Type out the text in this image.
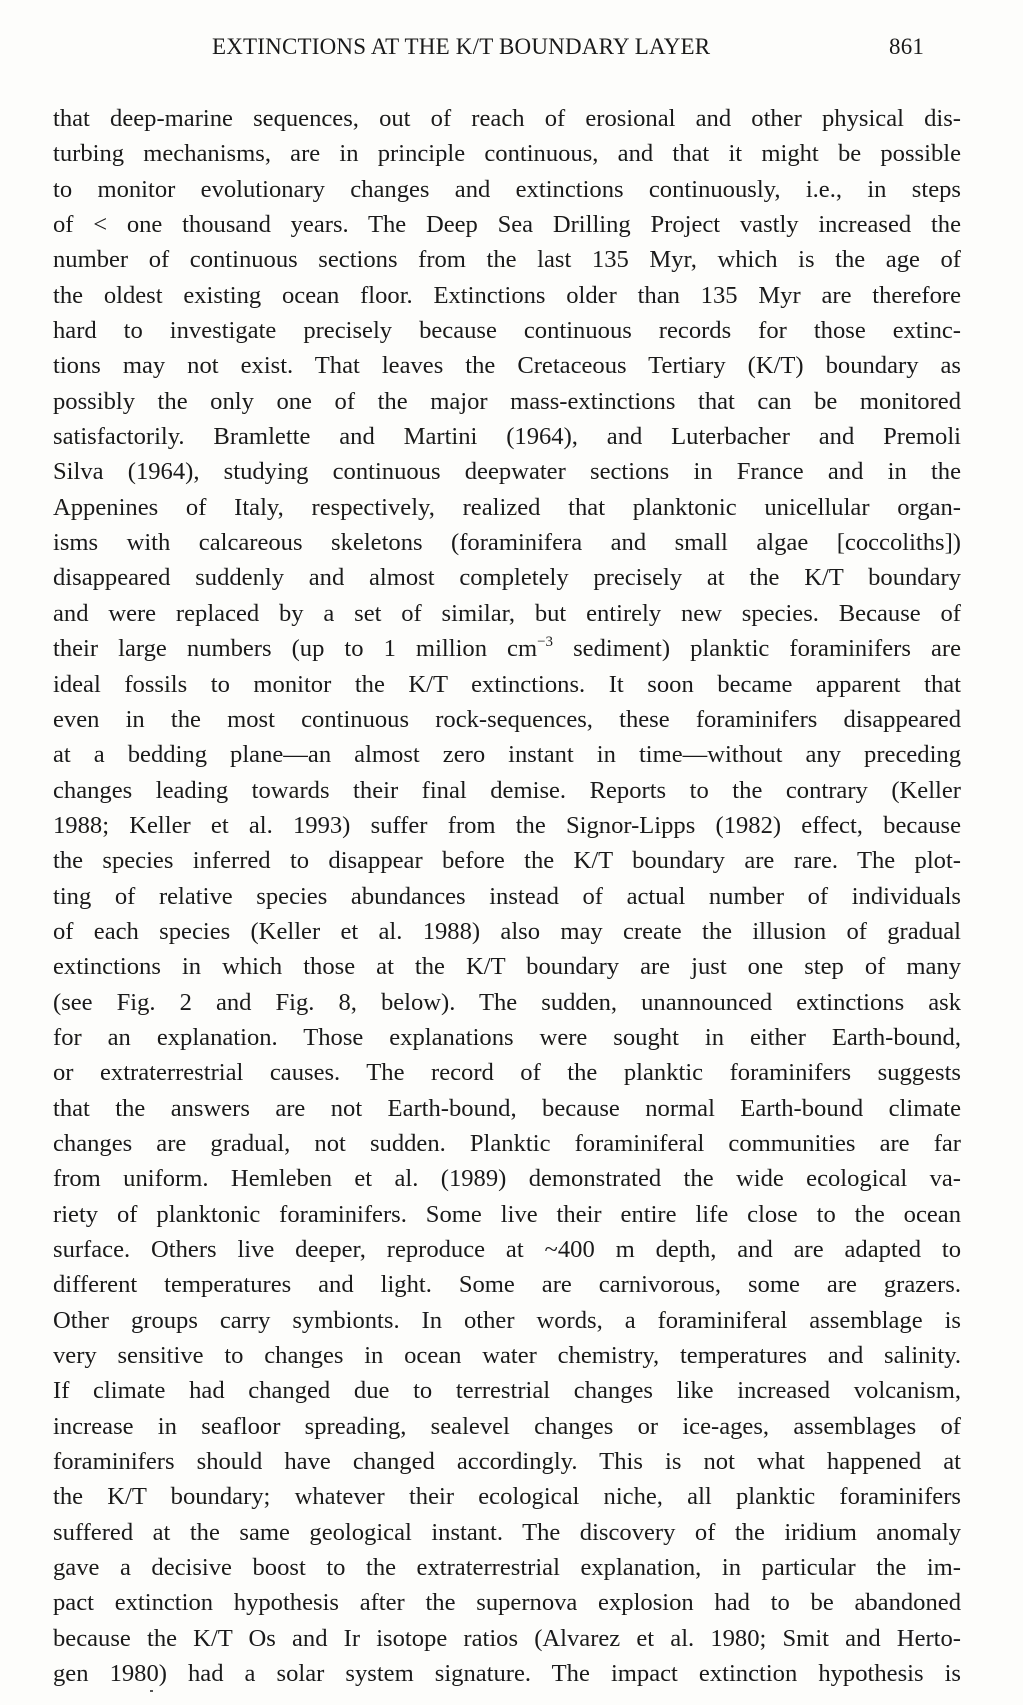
EXTINCTIONS AT THE K/T BOUNDARY LAYER	861
that deep-marine sequences, out of reach of erosional and other physical dis-
turbing mechanisms, are in principle continuous, and that it might be possible
to monitor evolutionary changes and extinctions continuously, i.e., in steps
of < one thousand years. The Deep Sea Drilling Project vastly increased the
number of continuous sections from the last 135 Myr, which is the age of
the oldest existing ocean floor. Extinctions older than 135 Myr are therefore
hard to investigate precisely because continuous records for those extinc-
tions may not exist. That leaves the Cretaceous Tertiary (K/T) boundary as
possibly the only one of the major mass-extinctions that can be monitored
satisfactorily. Bramlette and Martini (1964), and Luterbacher and Premoli
Silva (1964), studying continuous deepwater sections in France and in the
Appenines of Italy, respectively, realized that planktonic unicellular organ-
isms with calcareous skeletons (foraminifera and small algae [coccoliths])
disappeared suddenly and almost completely precisely at the K/T boundary
and were replaced by a set of similar, but entirely new species. Because of
their large numbers (up to 1 million $cm^{-3}$ sediment) planktic foraminifers are
ideal fossils to monitor the K/T extinctions. It soon became apparent that
even in the most continuous rock-sequences, these foraminifers disappeared
at a bedding plane—an almost zero instant in time—without any preceding
changes leading towards their final demise. Reports to the contrary (Keller
1988; Keller et al. 1993) suffer from the Signor-Lipps (1982) effect, because
the species inferred to disappear before the K/T boundary are rare. The plot-
ting of relative species abundances instead of actual number of individuals
of each species (Keller et al. 1988) also may create the illusion of gradual
extinctions in which those at the K/T boundary are just one step of many
(see Fig. 2 and Fig. 8, below). The sudden, unannounced extinctions ask
for an explanation. Those explanations were sought in either Earth-bound,
or extraterrestrial causes. The record of the planktic foraminifers suggests
that the answers are not Earth-bound, because normal Earth-bound climate
changes are gradual, not sudden. Planktic foraminiferal communities are far
from uniform. Hemleben et al. (1989) demonstrated the wide ecological va-
riety of planktonic foraminifers. Some live their entire life close to the ocean
surface. Others live deeper, reproduce at ~400 m depth, and are adapted to
different temperatures and light. Some are carnivorous, some are grazers.
Other groups carry symbionts. In other words, a foraminiferal assemblage is
very sensitive to changes in ocean water chemistry, temperatures and salinity.
If climate had changed due to terrestrial changes like increased volcanism,
increase in seafloor spreading, sealevel changes or ice-ages, assemblages of
foraminifers should have changed accordingly. This is not what happened at
the K/T boundary; whatever their ecological niche, all planktic foraminifers
suffered at the same geological instant. The discovery of the iridium anomaly
gave a decisive boost to the extraterrestrial explanation, in particular the im-
pact extinction hypothesis after the supernova explosion had to be abandoned
because the K/T Os and Ir isotope ratios (Alvarez et al. 1980; Smit and Herto-
gen 1980) had a solar system signature. The impact extinction hypothesis is
